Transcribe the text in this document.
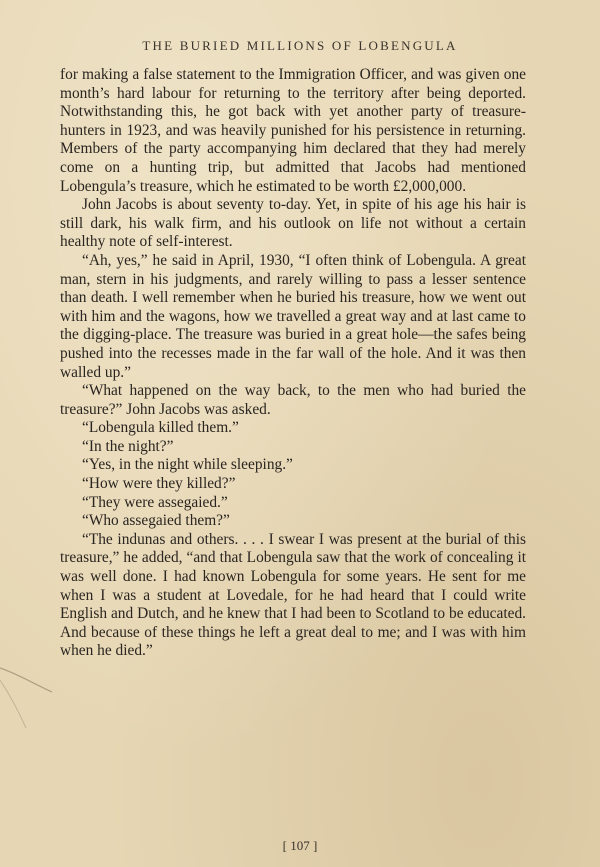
THE BURIED MILLIONS OF LOBENGULA

for making a false statement to the Immigration Officer, and was given one month’s hard labour for returning to the territory after being deported. Notwithstanding this, he got back with yet another party of treasure-hunters in 1923, and was heavily punished for his persistence in returning. Members of the party accompanying him declared that they had merely come on a hunting trip, but admitted that Jacobs had mentioned Lobengula’s treasure, which he estimated to be worth £2,000,000.

John Jacobs is about seventy to-day. Yet, in spite of his age his hair is still dark, his walk firm, and his outlook on life not without a certain healthy note of self-interest.

“Ah, yes,” he said in April, 1930, “I often think of Lobengula. A great man, stern in his judgments, and rarely willing to pass a lesser sentence than death. I well remember when he buried his treasure, how we went out with him and the wagons, how we travelled a great way and at last came to the digging-place. The treasure was buried in a great hole—the safes being pushed into the recesses made in the far wall of the hole. And it was then walled up.”

“What happened on the way back, to the men who had buried the treasure?” John Jacobs was asked.

“Lobengula killed them.”

“In the night?”

“Yes, in the night while sleeping.”

“How were they killed?”

“They were assegaied.”

“Who assegaied them?”

“The indunas and others. . . . I swear I was present at the burial of this treasure,” he added, “and that Lobengula saw that the work of concealing it was well done. I had known Lobengula for some years. He sent for me when I was a student at Lovedale, for he had heard that I could write English and Dutch, and he knew that I had been to Scotland to be educated. And because of these things he left a great deal to me; and I was with him when he died.”

[ 107 ]
